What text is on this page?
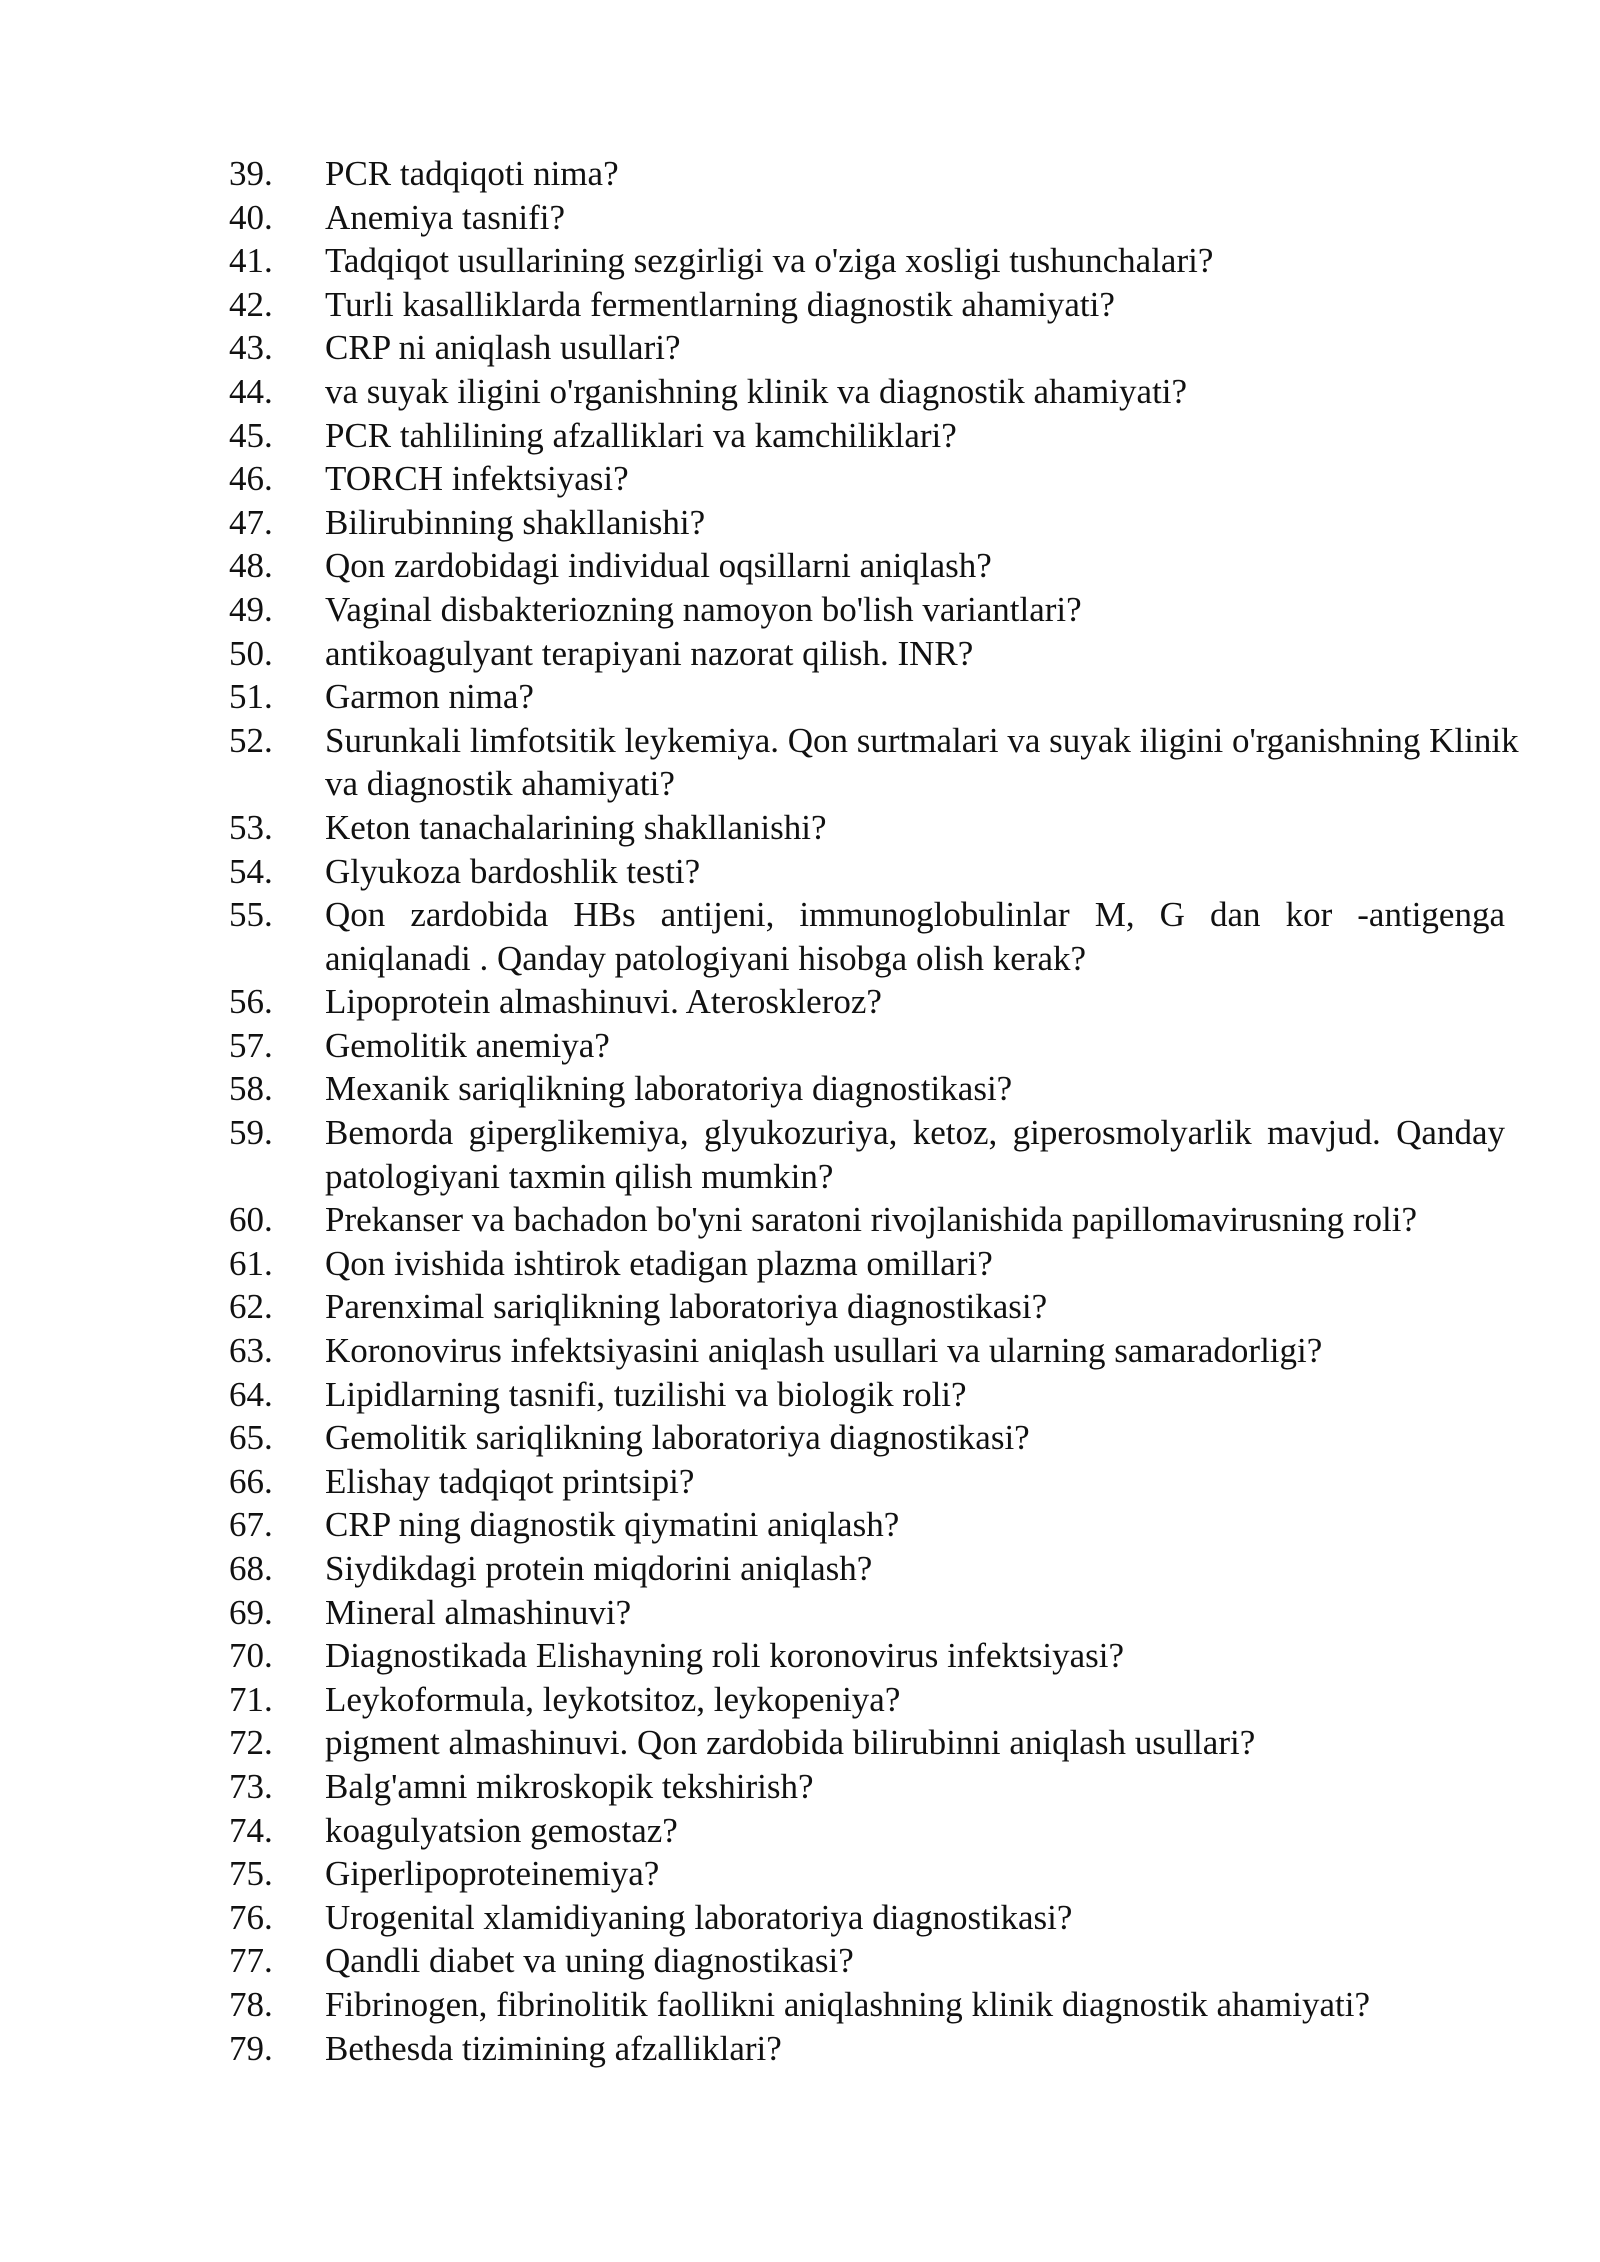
39.	PCR tadqiqoti nima?
40.	Anemiya tasnifi?
41.	Tadqiqot usullarining sezgirligi va o'ziga xosligi tushunchalari?
42.	Turli kasalliklarda fermentlarning diagnostik ahamiyati?
43.	CRP ni aniqlash usullari?
44.	va suyak iligini o'rganishning klinik va diagnostik ahamiyati?
45.	PCR tahlilining afzalliklari va kamchiliklari?
46.	TORCH infektsiyasi?
47.	Bilirubinning shakllanishi?
48.	Qon zardobidagi individual oqsillarni aniqlash?
49.	Vaginal disbakteriozning namoyon bo'lish variantlari?
50.	antikoagulyant terapiyani nazorat qilish. INR?
51.	Garmon nima?
52.	Surunkali limfotsitik leykemiya. Qon surtmalari va suyak iligini o'rganishning Klinik va diagnostik ahamiyati?
53.	Keton tanachalarining shakllanishi?
54.	Glyukoza bardoshlik testi?
55.	Qon zardobida HBs antijeni, immunoglobulinlar M, G dan kor -antigenga aniqlanadi . Qanday patologiyani hisobga olish kerak?
56.	Lipoprotein almashinuvi. Ateroskleroz?
57.	Gemolitik anemiya?
58.	Mexanik sariqlikning laboratoriya diagnostikasi?
59.	Bemorda giperglikemiya, glyukozuriya, ketoz, giperosmolyarlik mavjud. Qanday patologiyani taxmin qilish mumkin?
60.	Prekanser va bachadon bo'yni saratoni rivojlanishida papillomavirusning roli?
61.	Qon ivishida ishtirok etadigan plazma omillari?
62.	Parenximal sariqlikning laboratoriya diagnostikasi?
63.	Koronovirus infektsiyasini aniqlash usullari va ularning samaradorligi?
64.	Lipidlarning tasnifi, tuzilishi va biologik roli?
65.	Gemolitik sariqlikning laboratoriya diagnostikasi?
66.	Elishay tadqiqot printsipi?
67.	CRP ning diagnostik qiymatini aniqlash?
68.	Siydikdagi protein miqdorini aniqlash?
69.	Mineral almashinuvi?
70.	Diagnostikada Elishayning roli koronovirus infektsiyasi?
71.	Leykoformula, leykotsitoz, leykopeniya?
72.	pigment almashinuvi. Qon zardobida bilirubinni aniqlash usullari?
73.	Balg'amni mikroskopik tekshirish?
74.	koagulyatsion gemostaz?
75.	Giperlipoproteinemiya?
76.	Urogenital xlamidiyaning laboratoriya diagnostikasi?
77.	Qandli diabet va uning diagnostikasi?
78.	Fibrinogen, fibrinolitik faollikni aniqlashning klinik diagnostik ahamiyati?
79.	Bethesda tizimining afzalliklari?
